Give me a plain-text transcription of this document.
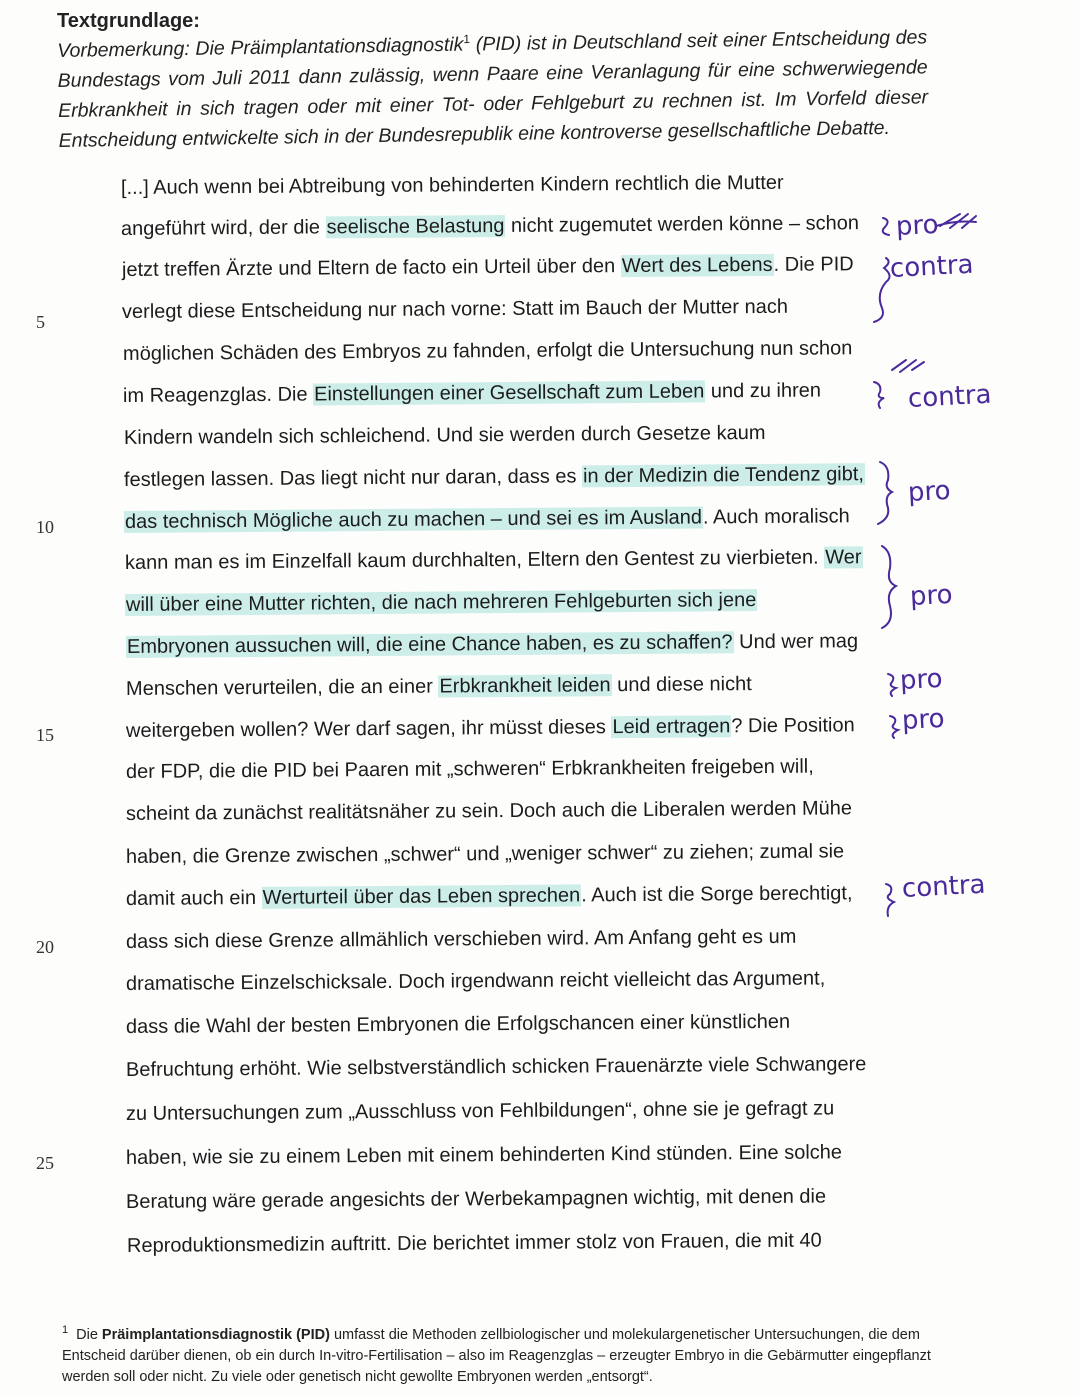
Textgrundlage:
Vorbemerkung: Die Präimplantationsdiagnostik$^1$ (PID) ist in Deutschland seit einer Entscheidung des Bundestags vom Juli 2011 dann zulässig, wenn Paare eine Veranlagung für eine schwerwiegende Erbkrankheit in sich tragen oder mit einer Tot- oder Fehlgeburt zu rechnen ist. Im Vorfeld dieser Entscheidung entwickelte sich in der Bundesrepublik eine kontroverse gesellschaftliche Debatte.
[...] Auch wenn bei Abtreibung von behinderten Kindern rechtlich die Mutter
angeführt wird, der die seelische Belastung nicht zugemutet werden könne – schon
jetzt treffen Ärzte und Eltern de facto ein Urteil über den Wert des Lebens. Die PID
verlegt diese Entscheidung nur nach vorne: Statt im Bauch der Mutter nach
möglichen Schäden des Embryos zu fahnden, erfolgt die Untersuchung nun schon
im Reagenzglas. Die Einstellungen einer Gesellschaft zum Leben und zu ihren
Kindern wandeln sich schleichend. Und sie werden durch Gesetze kaum
festlegen lassen. Das liegt nicht nur daran, dass es in der Medizin die Tendenz gibt,
das technisch Mögliche auch zu machen – und sei es im Ausland. Auch moralisch
kann man es im Einzelfall kaum durchhalten, Eltern den Gentest zu vierbieten. Wer
will über eine Mutter richten, die nach mehreren Fehlgeburten sich jene
Embryonen aussuchen will, die eine Chance haben, es zu schaffen? Und wer mag
Menschen verurteilen, die an einer Erbkrankheit leiden und diese nicht
weitergeben wollen? Wer darf sagen, ihr müsst dieses Leid ertragen? Die Position
der FDP, die die PID bei Paaren mit „schweren“ Erbkrankheiten freigeben will,
scheint da zunächst realitätsnäher zu sein. Doch auch die Liberalen werden Mühe
haben, die Grenze zwischen „schwer“ und „weniger schwer“ zu ziehen; zumal sie
damit auch ein Werturteil über das Leben sprechen. Auch ist die Sorge berechtigt,
dass sich diese Grenze allmählich verschieben wird. Am Anfang geht es um
dramatische Einzelschicksale. Doch irgendwann reicht vielleicht das Argument,
dass die Wahl der besten Embryonen die Erfolgschancen einer künstlichen
Befruchtung erhöht. Wie selbstverständlich schicken Frauenärzte viele Schwangere
zu Untersuchungen zum „Ausschluss von Fehlbildungen“, ohne sie je gefragt zu
haben, wie sie zu einem Leben mit einem behinderten Kind stünden. Eine solche
Beratung wäre gerade angesichts der Werbekampagnen wichtig, mit denen die
Reproduktionsmedizin auftritt. Die berichtet immer stolz von Frauen, die mit 40
5
10
15
20
25
pro
contra
contra
pro
pro
pro
pro
contra
$^1$ Die Präimplantationsdiagnostik (PID) umfasst die Methoden zellbiologischer und molekulargenetischer Untersuchungen, die dem Entscheid darüber dienen, ob ein durch In-vitro-Fertilisation – also im Reagenzglas – erzeugter Embryo in die Gebärmutter eingepflanzt werden soll oder nicht. Zu viele oder genetisch nicht gewollte Embryonen werden „entsorgt“.
